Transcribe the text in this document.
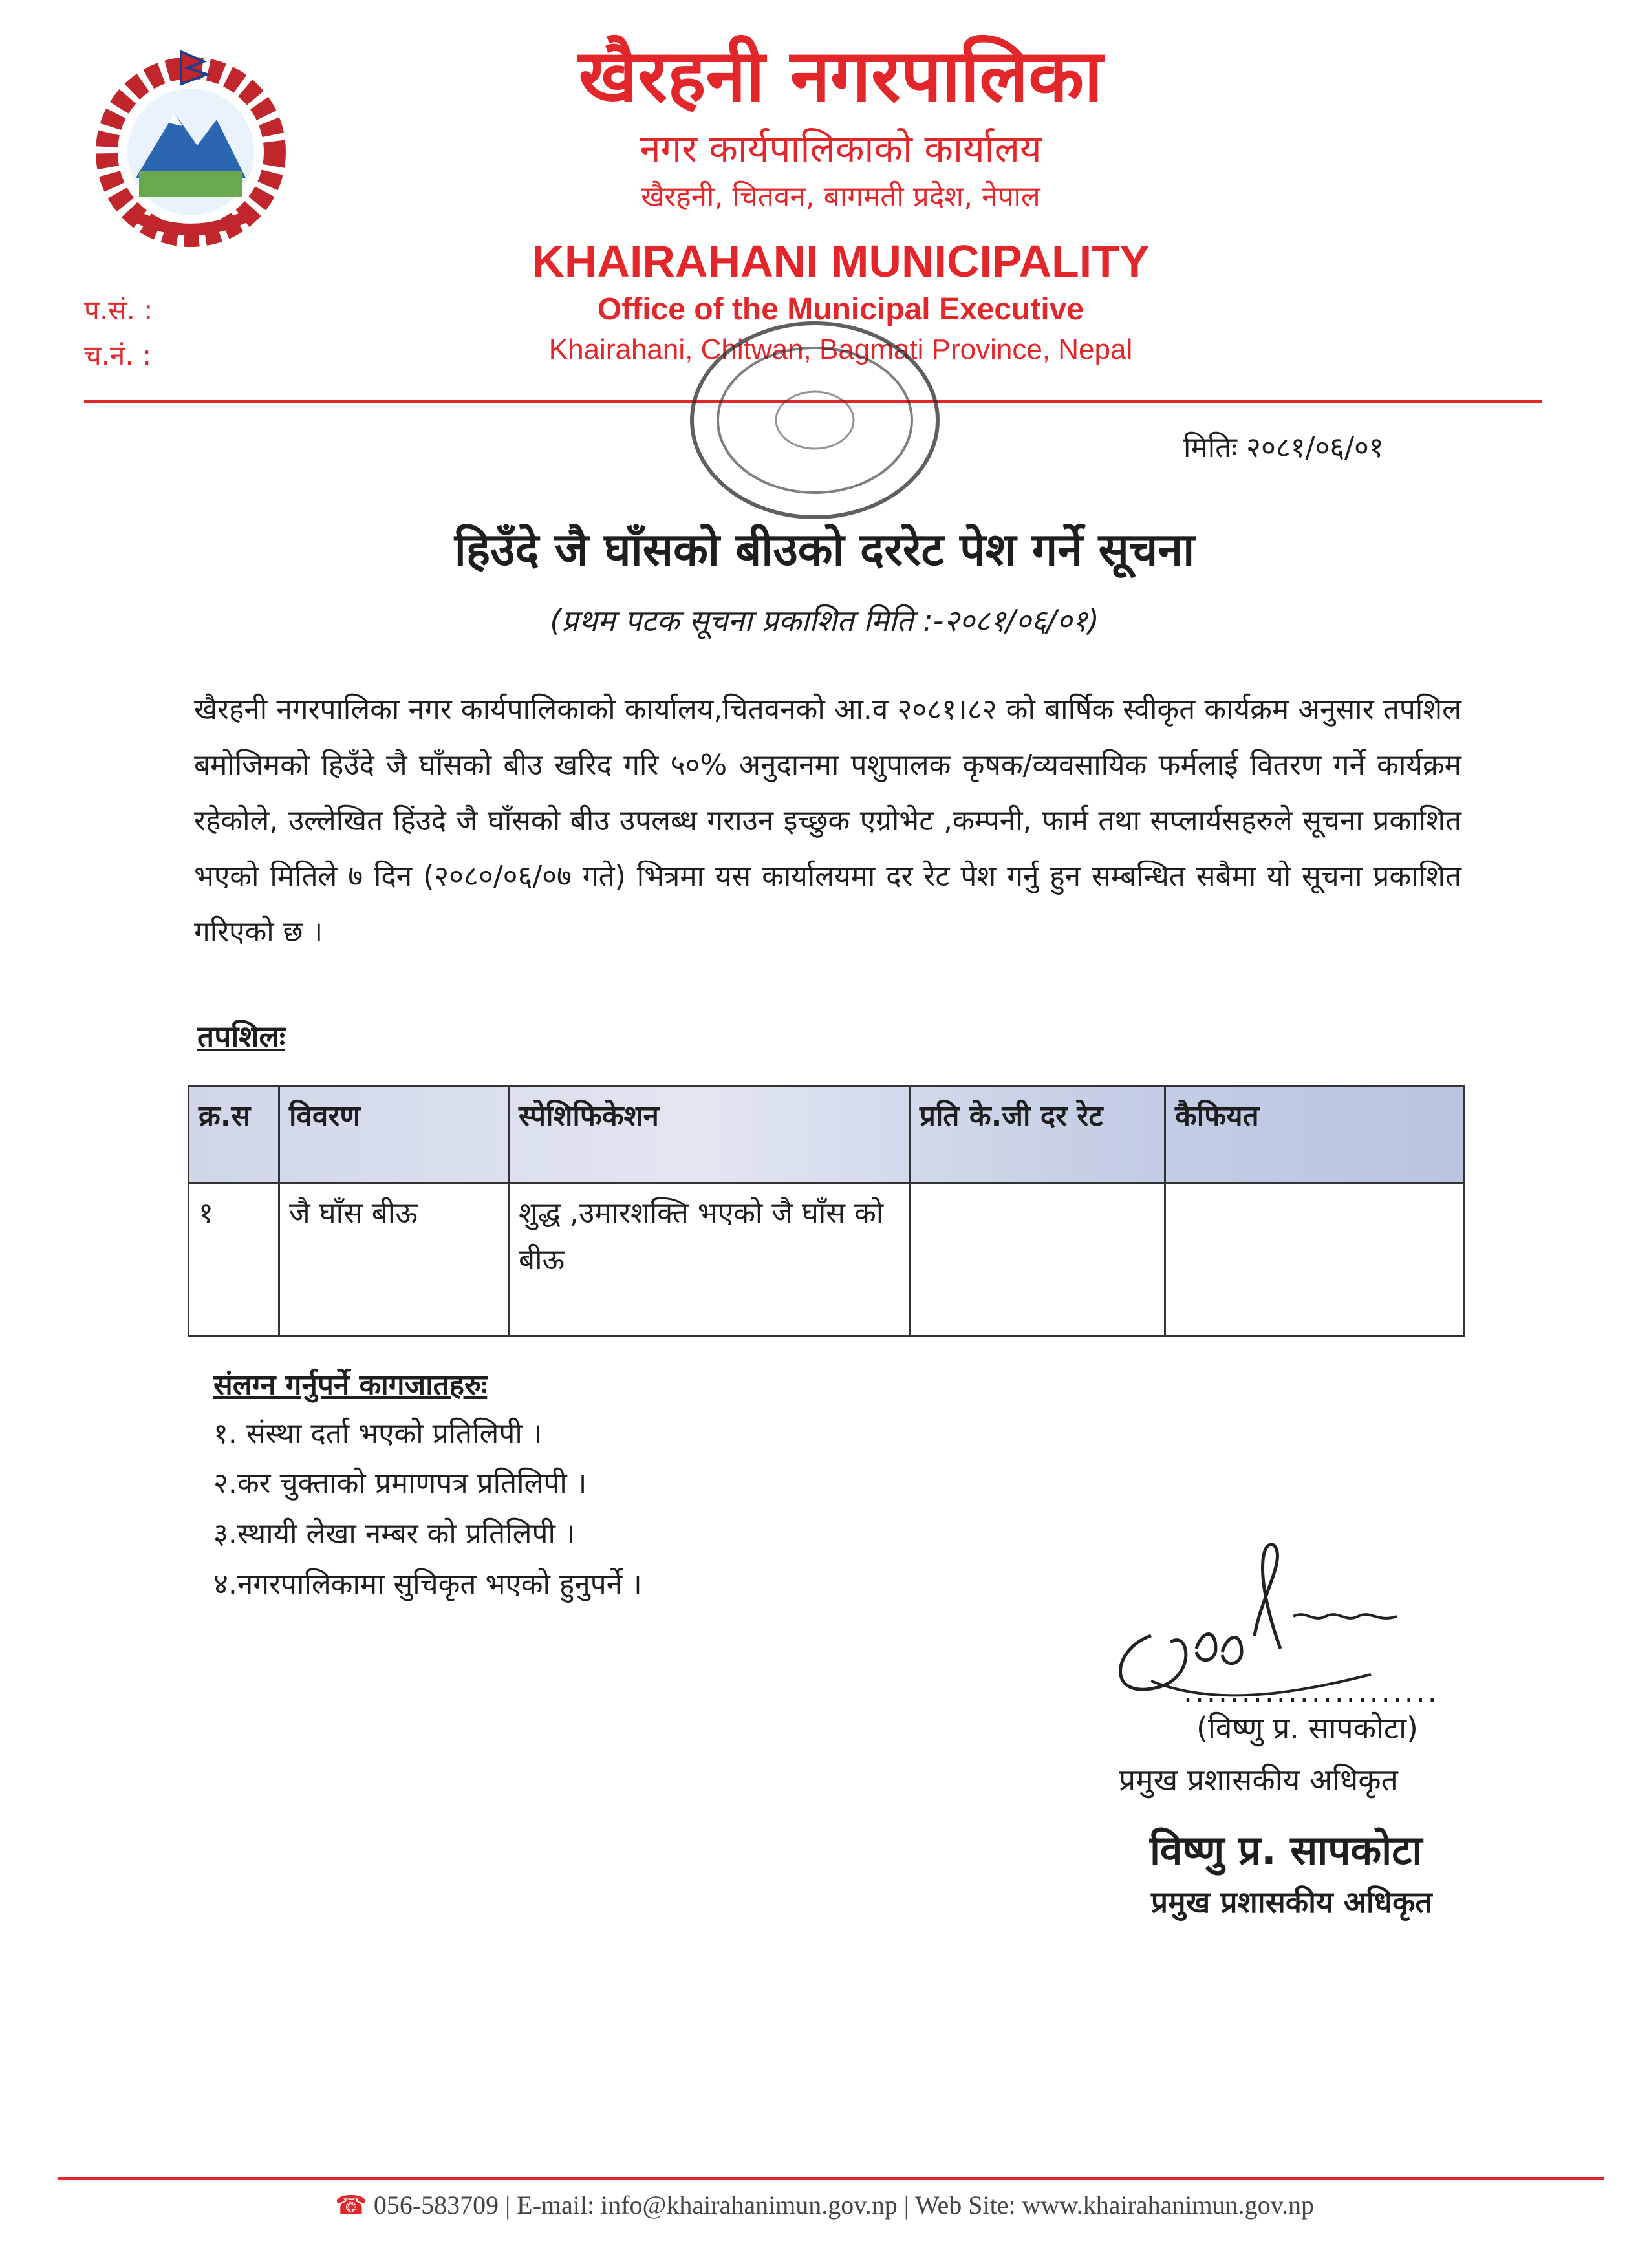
खैरहनी नगरपालिका
नगर कार्यपालिकाको कार्यालय
खैरहनी, चितवन, बागमती प्रदेश, नेपाल
KHAIRAHANI MUNICIPALITY
Office of the Municipal Executive
Khairahani, Chitwan, Bagmati Province, Nepal
प.सं. :
च.नं. :
मितिः २०८१/०६/०१
हिउँदे जै घाँसको बीउको दररेट पेश गर्ने सूचना
(प्रथम पटक सूचना प्रकाशित मिति :-२०८१/०६/०१)
खैरहनी नगरपालिका नगर कार्यपालिकाको कार्यालय,चितवनको आ.व २०८१।८२ को बार्षिक स्वीकृत कार्यक्रम अनुसार तपशिल बमोजिमको हिउँदे जै घाँसको बीउ खरिद गरि ५०% अनुदानमा पशुपालक कृषक/व्यवसायिक फर्मलाई वितरण गर्ने कार्यक्रम रहेकोले, उल्लेखित हिंउदे जै घाँसको बीउ उपलब्ध गराउन इच्छुक एग्रोभेट ,कम्पनी, फार्म तथा सप्लार्यसहरुले सूचना प्रकाशित भएको मितिले ७ दिन (२०८०/०६/०७ गते) भित्रमा यस कार्यालयमा दर रेट पेश गर्नु हुन सम्बन्धित सबैमा यो सूचना प्रकाशित गरिएको छ ।
तपशिलः
क्र.स	विवरण	स्पेशिफिकेशन	प्रति के.जी दर रेट	कैफियत
१	जै घाँस बीऊ	शुद्ध ,उमारशक्ति भएको जै घाँस को बीऊ
संलग्न गर्नुपर्ने कागजातहरुः
१. संस्था दर्ता भएको प्रतिलिपी ।
२.कर चुक्ताको प्रमाणपत्र प्रतिलिपी ।
३.स्थायी लेखा नम्बर को प्रतिलिपी ।
४.नगरपालिकामा सुचिकृत भएको हुनुपर्ने ।
......................
(विष्णु प्र. सापकोटा)
प्रमुख प्रशासकीय अधिकृत
विष्णु प्र. सापकोटा
प्रमुख प्रशासकीय अधिकृत
☎ 056-583709 | E-mail: info@khairahanimun.gov.np | Web Site: www.khairahanimun.gov.np
